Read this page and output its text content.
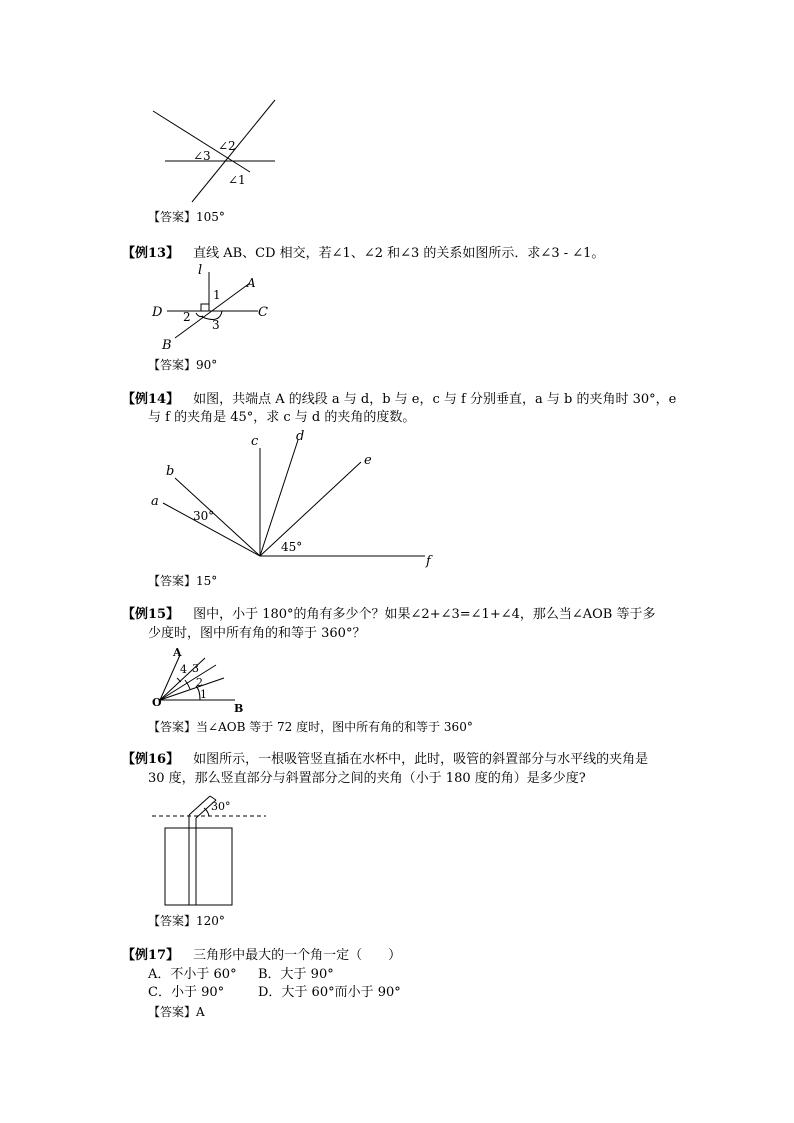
∠3
∠2
∠1
【答案】105°
【例13】 直线 AB、CD 相交，若∠1、∠2 和∠3 的关系如图所示．求∠3 - ∠1。
l
A
1
D 2	C
3
B
【答案】90°
【例14】 如图，共端点 A 的线段 a 与 d，b 与 e，c 与 f 分别垂直，a 与 b 的夹角时 30°，e
与 f 的夹角是 45°，求 c 与 d 的夹角的度数。
a
b
c	d
e
f
30°
45°
【答案】15°
【例15】 图中，小于 180°的角有多少个？如果∠2+∠3=∠1+∠4，那么当∠AOB 等于多
少度时，图中所有角的和等于 360°？
A
4 3
2
1
O	B
【答案】当∠AOB 等于 72 度时，图中所有角的和等于 360°
【例16】 如图所示，一根吸管竖直插在水杯中，此时，吸管的斜置部分与水平线的夹角是
30 度，那么竖直部分与斜置部分之间的夹角（小于 180 度的角）是多少度?
30°
【答案】120°
【例17】 三角形中最大的一个角一定（　　）
A．不小于 60° B．大于 90°
C．小于 90°	D．大于 60°而小于 90°
【答案】A
